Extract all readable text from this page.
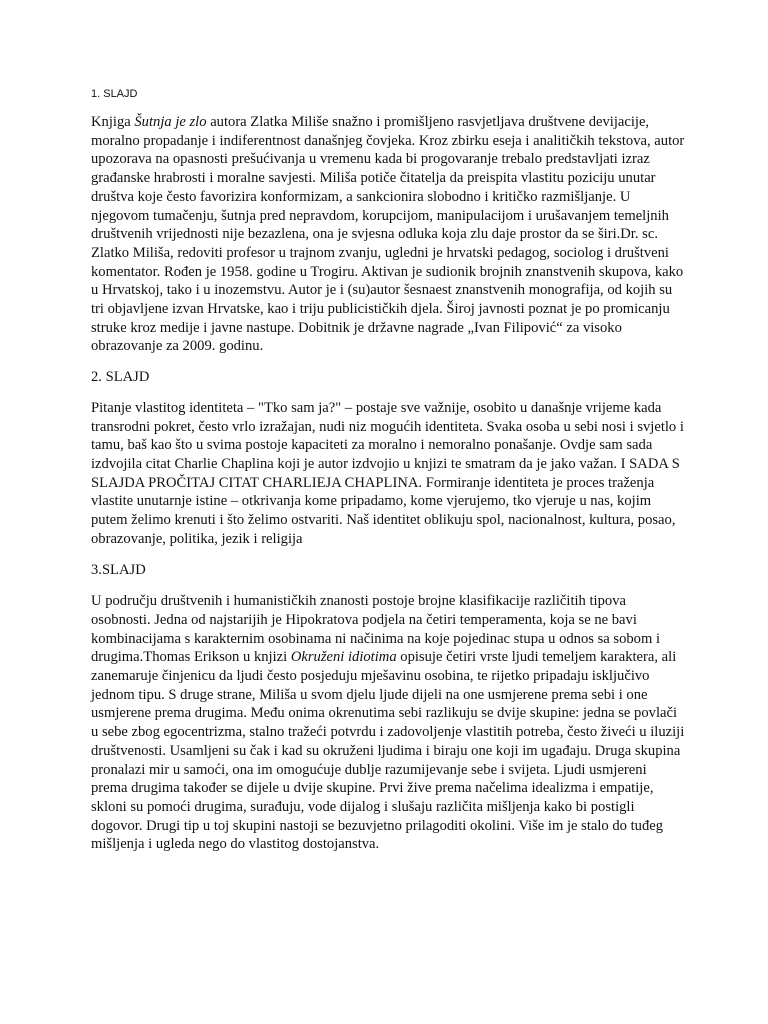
1. SLAJD

Knjiga Šutnja je zlo autora Zlatka Miliše snažno i promišljeno rasvjetljava društvene devijacije, moralno propadanje i indiferentnost današnjeg čovjeka. Kroz zbirku eseja i analitičkih tekstova, autor upozorava na opasnosti prešućivanja u vremenu kada bi progovaranje trebalo predstavljati izraz građanske hrabrosti i moralne savjesti. Miliša potiče čitatelja da preispita vlastitu poziciju unutar društva koje često favorizira konformizam, a sankcionira slobodno i kritičko razmišljanje. U njegovom tumačenju, šutnja pred nepravdom, korupcijom, manipulacijom i urušavanjem temeljnih društvenih vrijednosti nije bezazlena, ona je svjesna odluka koja zlu daje prostor da se širi.Dr. sc. Zlatko Miliša, redoviti profesor u trajnom zvanju, ugledni je hrvatski pedagog, sociolog i društveni komentator. Rođen je 1958. godine u Trogiru. Aktivan je sudionik brojnih znanstvenih skupova, kako u Hrvatskoj, tako i u inozemstvu. Autor je i (su)autor šesnaest znanstvenih monografija, od kojih su tri objavljene izvan Hrvatske, kao i triju publicističkih djela. Široj javnosti poznat je po promicanju struke kroz medije i javne nastupe. Dobitnik je državne nagrade „Ivan Filipović“ za visoko obrazovanje za 2009. godinu.

2. SLAJD

Pitanje vlastitog identiteta – "Tko sam ja?" – postaje sve važnije, osobito u današnje vrijeme kada transrodni pokret, često vrlo izražajan, nudi niz mogućih identiteta. Svaka osoba u sebi nosi i svjetlo i tamu, baš kao što u svima postoje kapaciteti za moralno i nemoralno ponašanje. Ovdje sam sada izdvojila citat Charlie Chaplina koji je autor izdvojio u knjizi te smatram da je jako važan. I SADA S SLAJDA PROČITAJ CITAT CHARLIEJA CHAPLINA. Formiranje identiteta je proces traženja vlastite unutarnje istine – otkrivanja kome pripadamo, kome vjerujemo, tko vjeruje u nas, kojim putem želimo krenuti i što želimo ostvariti. Naš identitet oblikuju spol, nacionalnost, kultura, posao, obrazovanje, politika, jezik i religija

3.SLAJD

U području društvenih i humanističkih znanosti postoje brojne klasifikacije različitih tipova osobnosti. Jedna od najstarijih je Hipokratova podjela na četiri temperamenta, koja se ne bavi kombinacijama s karakternim osobinama ni načinima na koje pojedinac stupa u odnos sa sobom i drugima.Thomas Erikson u knjizi Okruženi idiotima opisuje četiri vrste ljudi temeljem karaktera, ali zanemaruje činjenicu da ljudi često posjeduju mješavinu osobina, te rijetko pripadaju isključivo jednom tipu. S druge strane, Miliša u svom djelu ljude dijeli na one usmjerene prema sebi i one usmjerene prema drugima. Među onima okrenutima sebi razlikuju se dvije skupine: jedna se povlači u sebe zbog egocentrizma, stalno tražeći potvrdu i zadovoljenje vlastitih potreba, često živeći u iluziji društvenosti. Usamljeni su čak i kad su okruženi ljudima i biraju one koji im ugađaju. Druga skupina pronalazi mir u samoći, ona im omogućuje dublje razumijevanje sebe i svijeta. Ljudi usmjereni prema drugima također se dijele u dvije skupine. Prvi žive prema načelima idealizma i empatije, skloni su pomoći drugima, surađuju, vode dijalog i slušaju različita mišljenja kako bi postigli dogovor. Drugi tip u toj skupini nastoji se bezuvjetno prilagoditi okolini. Više im je stalo do tuđeg mišljenja i ugleda nego do vlastitog dostojanstva.
